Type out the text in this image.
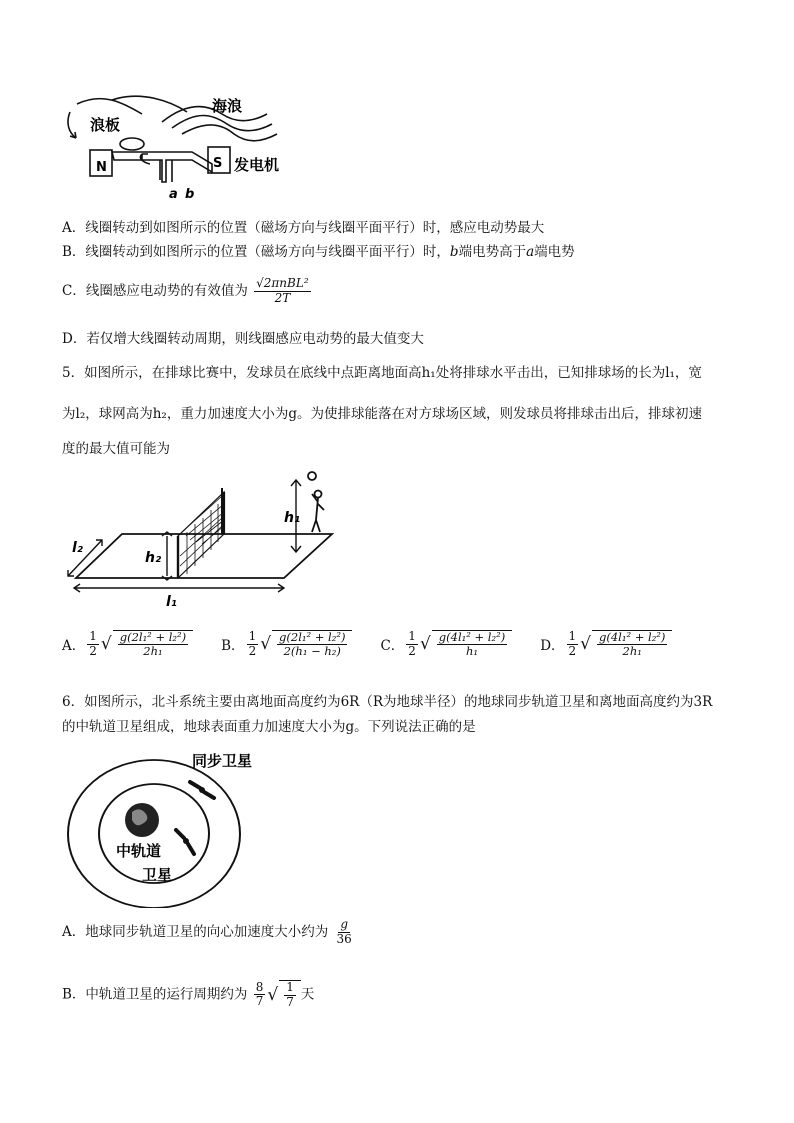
N	S
海浪
浪板
发电机
a b
A．线圈转动到如图所示的位置（磁场方向与线圈平面平行）时，感应电动势最大
B．线圈转动到如图所示的位置（磁场方向与线圈平面平行）时，b端电势高于a端电势
C．线圈感应电动势的有效值为 $\frac{\text{√2πnBL²}}{2T}$
D．若仅增大线圈转动周期，则线圈感应电动势的最大值变大
5．如图所示，在排球比赛中，发球员在底线中点距离地面高h₁处将排球水平击出，已知排球场的长为l₁，宽
为l₂，球网高为h₂，重力加速度大小为g。为使排球能落在对方球场区域，则发球员将排球击出后，排球初速
度的最大值可能为
h₁
h₂
l₁
l₂
A． $\frac{1}{2}$ √ $\frac{\text{g(2l₁² + l₂²)}}{\text{2h₁}}$ B． $\frac{1}{2}$ √ $\frac{\text{g(2l₁² + l₂²)}}{\text{2(h₁ − h₂)}}$ C． $\frac{1}{2}$ √ $\frac{\text{g(4l₁² + l₂²)}}{\text{h₁}}$ D． $\frac{1}{2}$ √ $\frac{\text{g(4l₁² + l₂²)}}{\text{2h₁}}$
6．如图所示，北斗系统主要由离地面高度约为6R（R为地球半径）的地球同步轨道卫星和离地面高度约为3R
的中轨道卫星组成，地球表面重力加速度大小为g。下列说法正确的是
同步卫星
中轨道
卫星
A．地球同步轨道卫星的向心加速度大小约为 $\frac{g}{36}$
B．中轨道卫星的运行周期约为 $\frac{8}{7}$ √ $\frac{1}{7}$ 天
